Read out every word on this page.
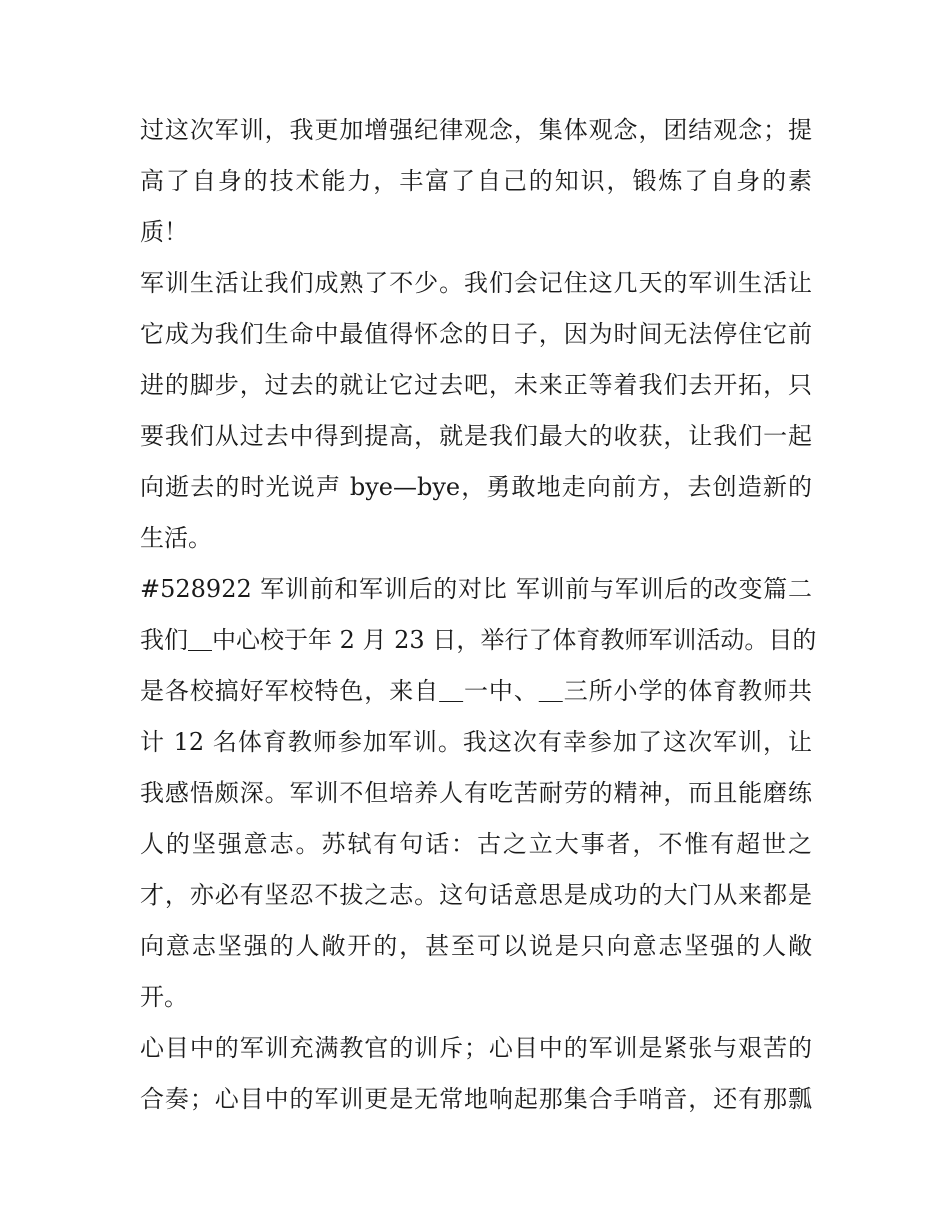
过这次军训，我更加增强纪律观念，集体观念，团结观念；提
高了自身的技术能力，丰富了自己的知识，锻炼了自身的素
质！
军训生活让我们成熟了不少。我们会记住这几天的军训生活让
它成为我们生命中最值得怀念的日子，因为时间无法停住它前
进的脚步，过去的就让它过去吧，未来正等着我们去开拓，只
要我们从过去中得到提高，就是我们最大的收获，让我们一起
向逝去的时光说声 bye—bye，勇敢地走向前方，去创造新的
生活。
#528922 军训前和军训后的对比 军训前与军训后的改变篇二
我们＿中心校于年 2 月 23 日，举行了体育教师军训活动。目的
是各校搞好军校特色，来自＿一中、＿三所小学的体育教师共
计 12 名体育教师参加军训。我这次有幸参加了这次军训，让
我感悟颇深。军训不但培养人有吃苦耐劳的精神，而且能磨练
人的坚强意志。苏轼有句话：古之立大事者，不惟有超世之
才，亦必有坚忍不拔之志。这句话意思是成功的大门从来都是
向意志坚强的人敞开的，甚至可以说是只向意志坚强的人敞
开。
心目中的军训充满教官的训斥；心目中的军训是紧张与艰苦的
合奏；心目中的军训更是无常地响起那集合手哨音，还有那瓢
